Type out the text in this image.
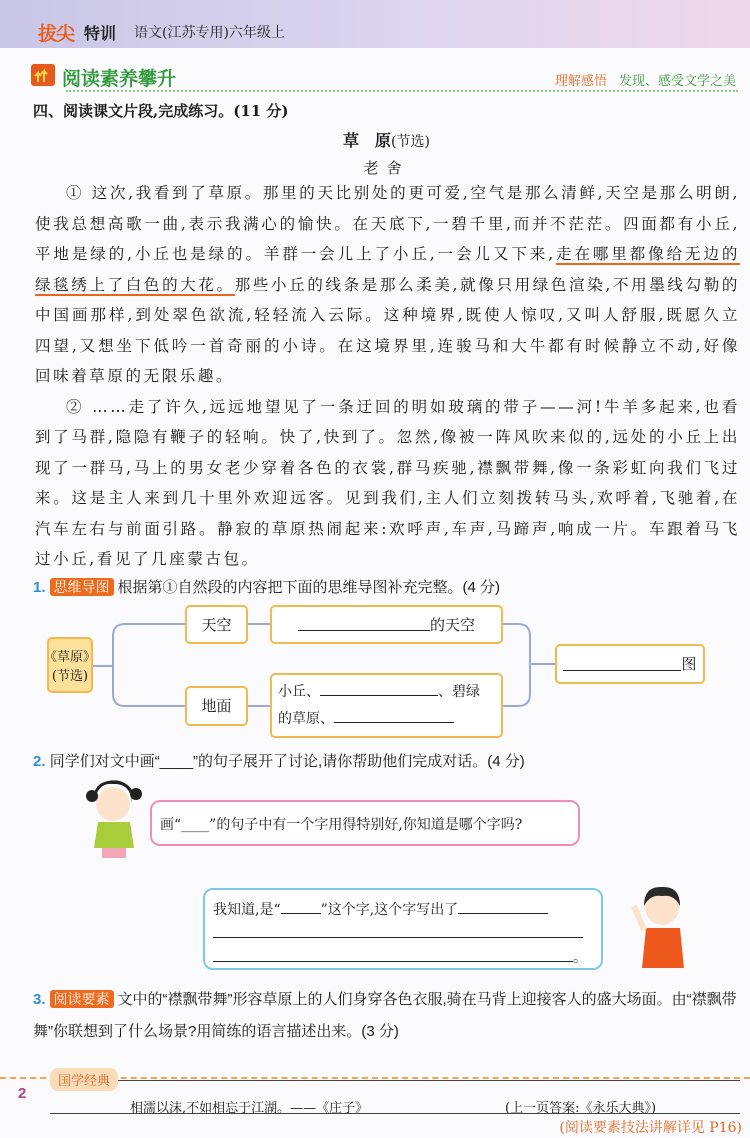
拔尖 特训 语文(江苏专用)六年级上
阅读素养攀升	理解感悟 发现、感受文学之美
四、阅读课文片段,完成练习。(11 分)
草　原(节选)
老舍
① 这次,我看到了草原。那里的天比别处的更可爱,空气是那么清鲜,天空是那么明朗,使我总想高歌一曲,表示我满心的愉快。在天底下,一碧千里,而并不茫茫。四面都有小丘,平地是绿的,小丘也是绿的。羊群一会儿上了小丘,一会儿又下来,走在哪里都像给无边的绿毯绣上了白色的大花。那些小丘的线条是那么柔美,就像只用绿色渲染,不用墨线勾勒的中国画那样,到处翠色欲流,轻轻流入云际。这种境界,既使人惊叹,又叫人舒服,既愿久立四望,又想坐下低吟一首奇丽的小诗。在这境界里,连骏马和大牛都有时候静立不动,好像回味着草原的无限乐趣。
② ……走了许久,远远地望见了一条迂回的明如玻璃的带子——河!牛羊多起来,也看到了马群,隐隐有鞭子的轻响。快了,快到了。忽然,像被一阵风吹来似的,远处的小丘上出现了一群马,马上的男女老少穿着各色的衣裳,群马疾驰,襟飘带舞,像一条彩虹向我们飞过来。这是主人来到几十里外欢迎远客。见到我们,主人们立刻拨转马头,欢呼着,飞驰着,在汽车左右与前面引路。静寂的草原热闹起来:欢呼声,车声,马蹄声,响成一片。车跟着马飞过小丘,看见了几座蒙古包。
1. 思维导图 根据第①自然段的内容把下面的思维导图补充完整。(4 分)
《草原》
(节选)
天空
地面
的天空
小丘、	、碧绿
的草原、
图
2. 同学们对文中画“____”的句子展开了讨论,请你帮助他们完成对话。(4 分)
画“____”的句子中有一个字用得特别好,你知道是哪个字吗?
我知道,是“	”这个字,这个字写出了

。
3. 阅读要素 文中的“襟飘带舞”形容草原上的人们身穿各色衣服,骑在马背上迎接客人的盛大场面。由“襟飘带舞”你联想到了什么场景?用简练的语言描述出来。(3 分)
(阅读要素技法讲解详见 P16)
国学经典
2
相濡以沫,不如相忘于江湖。——《庄子》	(上一页答案:《永乐大典》)
